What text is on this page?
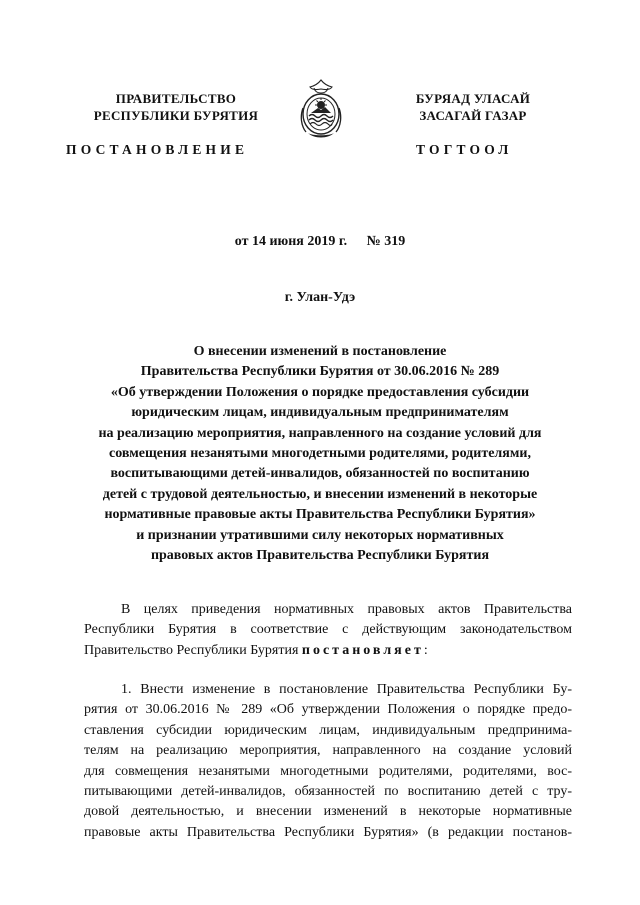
ПРАВИТЕЛЬСТВО
РЕСПУБЛИКИ БУРЯТИЯ
БУРЯАД УЛАСАЙ
ЗАСАГАЙ ГАЗАР
ПОСТАНОВЛЕНИЕ	ТОГТООЛ
от 14 июня 2019 г. № 319
г. Улан-Удэ
О внесении изменений в постановление
Правительства Республики Бурятия от 30.06.2016 № 289
«Об утверждении Положения о порядке предоставления субсидии
юридическим лицам, индивидуальным предпринимателям
на реализацию мероприятия, направленного на создание условий для
совмещения незанятыми многодетными родителями, родителями,
воспитывающими детей-инвалидов, обязанностей по воспитанию
детей с трудовой деятельностью, и внесении изменений в некоторые
нормативные правовые акты Правительства Республики Бурятия»
и признании утратившими силу некоторых нормативных
правовых актов Правительства Республики Бурятия
В целях приведения нормативных правовых актов Правительства
Республики Бурятия в соответствие с действующим законодательством
Правительство Республики Бурятия постановляет:
1. Внести изменение в постановление Правительства Республики Бу-
рятия от 30.06.2016 № 289 «Об утверждении Положения о порядке предо-
ставления субсидии юридическим лицам, индивидуальным предпринима-
телям на реализацию мероприятия, направленного на создание условий
для совмещения незанятыми многодетными родителями, родителями, вос-
питывающими детей-инвалидов, обязанностей по воспитанию детей с тру-
довой деятельностью, и внесении изменений в некоторые нормативные
правовые акты Правительства Республики Бурятия» (в редакции постанов-
